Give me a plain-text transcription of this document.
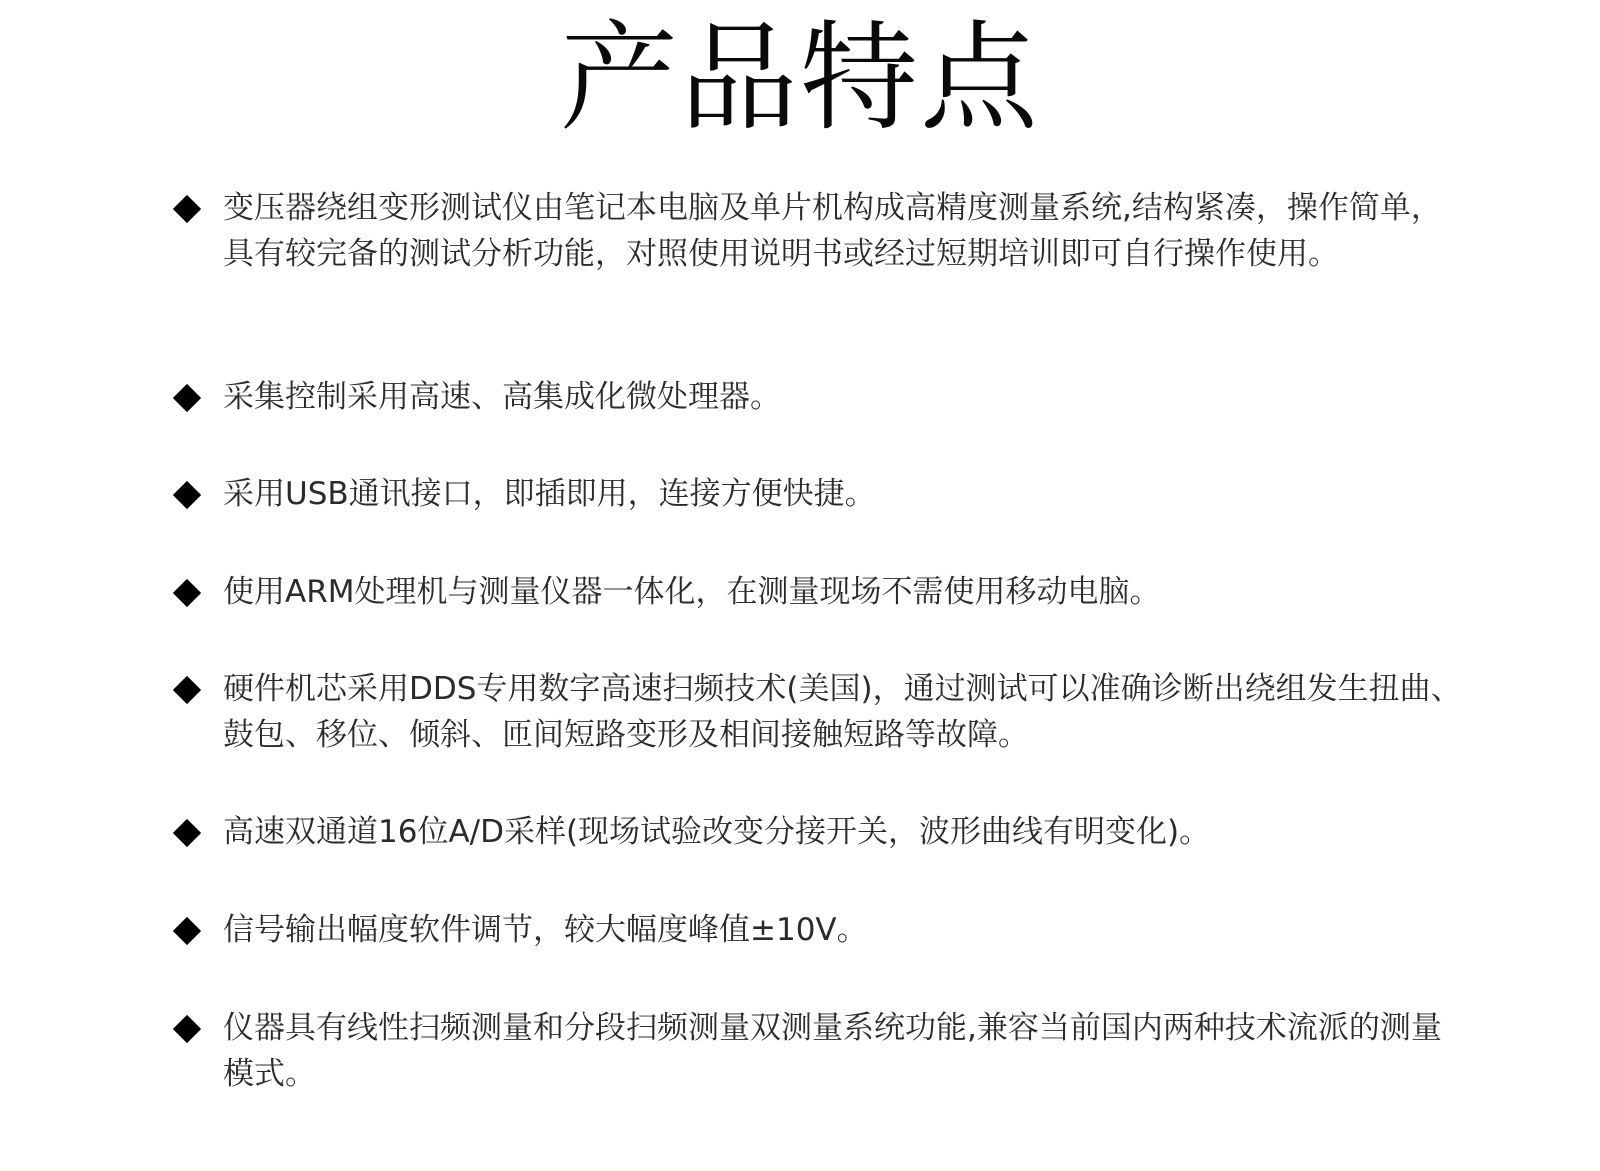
产品特点

变压器绕组变形测试仪由笔记本电脑及单片机构成高精度测量系统,结构紧凑，操作简单，具有较完备的测试分析功能，对照使用说明书或经过短期培训即可自行操作使用。

采集控制采用高速、高集成化微处理器。

采用USB通讯接口，即插即用，连接方便快捷。

使用ARM处理机与测量仪器一体化，在测量现场不需使用移动电脑。

硬件机芯采用DDS专用数字高速扫频技术(美国)，通过测试可以准确诊断出绕组发生扭曲、鼓包、移位、倾斜、匝间短路变形及相间接触短路等故障。

高速双通道16位A/D采样(现场试验改变分接开关，波形曲线有明变化)。

信号输出幅度软件调节，较大幅度峰值±10V。

仪器具有线性扫频测量和分段扫频测量双测量系统功能,兼容当前国内两种技术流派的测量模式。
